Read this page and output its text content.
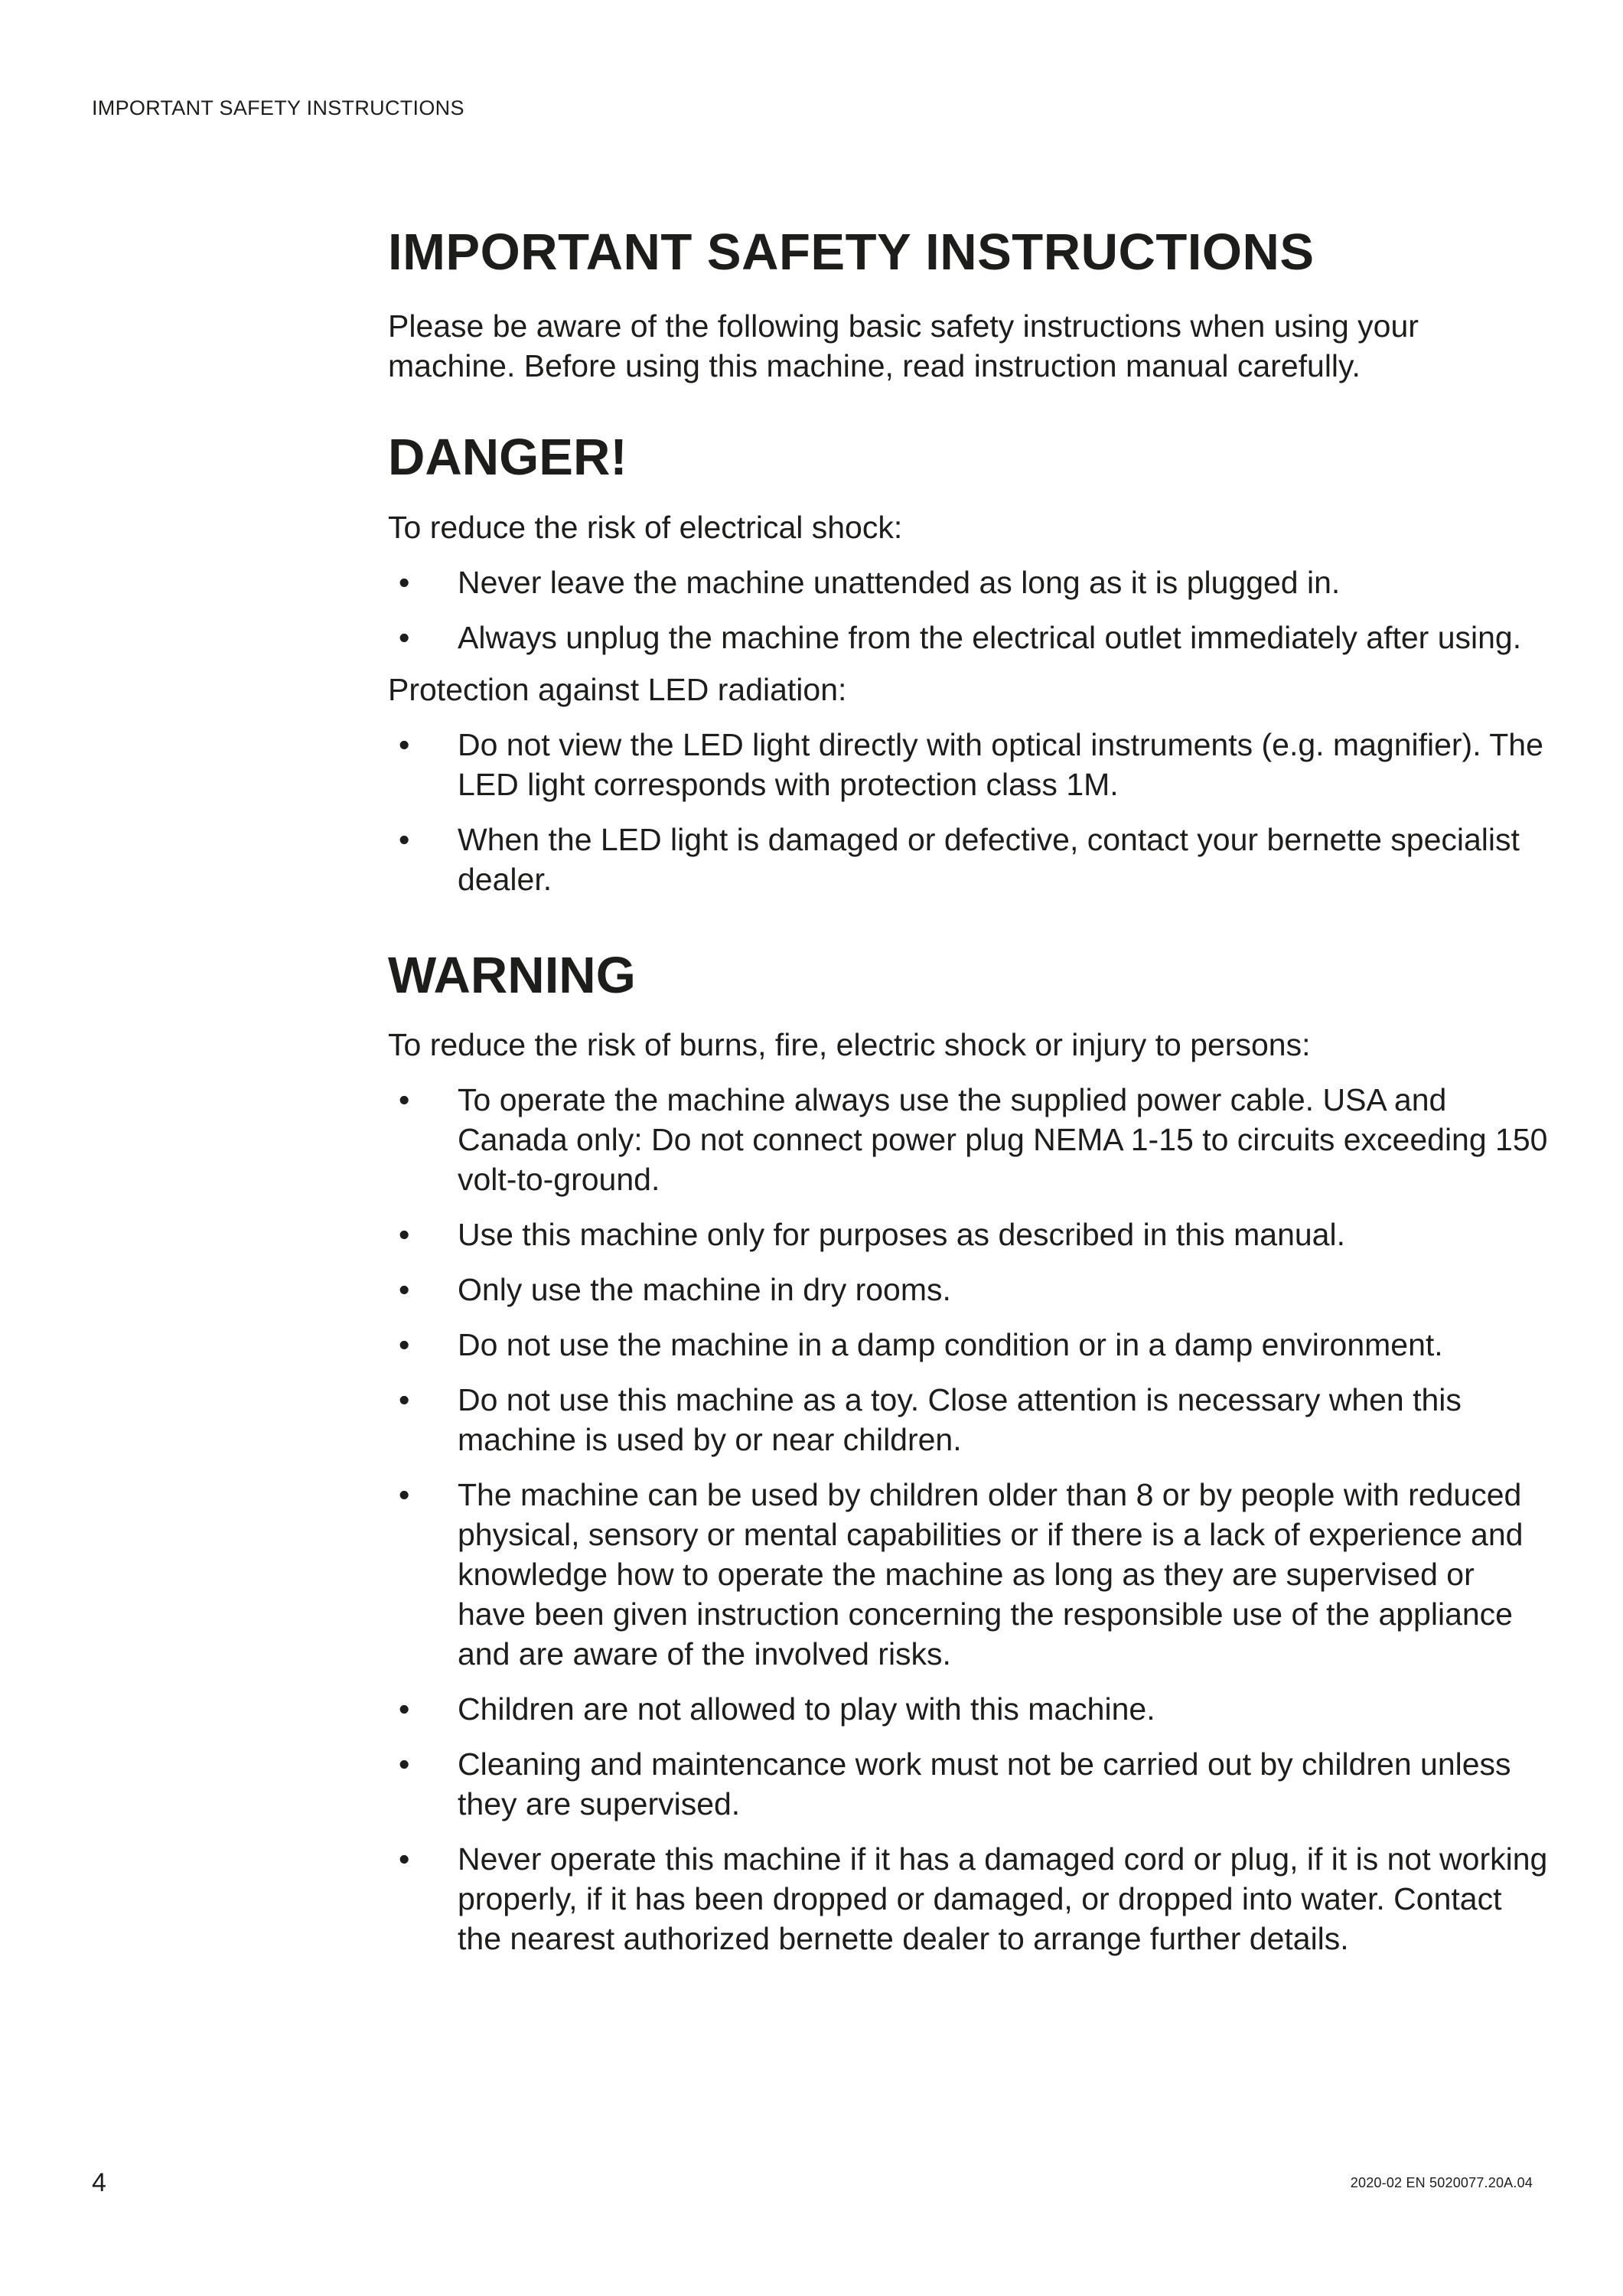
IMPORTANT SAFETY INSTRUCTIONS
IMPORTANT SAFETY INSTRUCTIONS

Please be aware of the following basic safety instructions when using your machine. Before using this machine, read instruction manual carefully.

DANGER!

To reduce the risk of electrical shock:

• Never leave the machine unattended as long as it is plugged in.
• Always unplug the machine from the electrical outlet immediately after using.

Protection against LED radiation:

• Do not view the LED light directly with optical instruments (e.g. magnifier). The LED light corresponds with protection class 1M.
• When the LED light is damaged or defective, contact your bernette specialist dealer.
WARNING

To reduce the risk of burns, fire, electric shock or injury to persons:

• To operate the machine always use the supplied power cable. USA and Canada only: Do not connect power plug NEMA 1-15 to circuits exceeding 150 volt-to-ground.
• Use this machine only for purposes as described in this manual.
• Only use the machine in dry rooms.
• Do not use the machine in a damp condition or in a damp environment.
• Do not use this machine as a toy. Close attention is necessary when this machine is used by or near children.
• The machine can be used by children older than 8 or by people with reduced physical, sensory or mental capabilities or if there is a lack of experience and knowledge how to operate the machine as long as they are supervised or have been given instruction concerning the responsible use of the appliance and are aware of the involved risks.
• Children are not allowed to play with this machine.
• Cleaning and maintencance work must not be carried out by children unless they are supervised.
• Never operate this machine if it has a damaged cord or plug, if it is not working properly, if it has been dropped or damaged, or dropped into water. Contact the nearest authorized bernette dealer to arrange further details.
4	2020-02 EN 5020077.20A.04
